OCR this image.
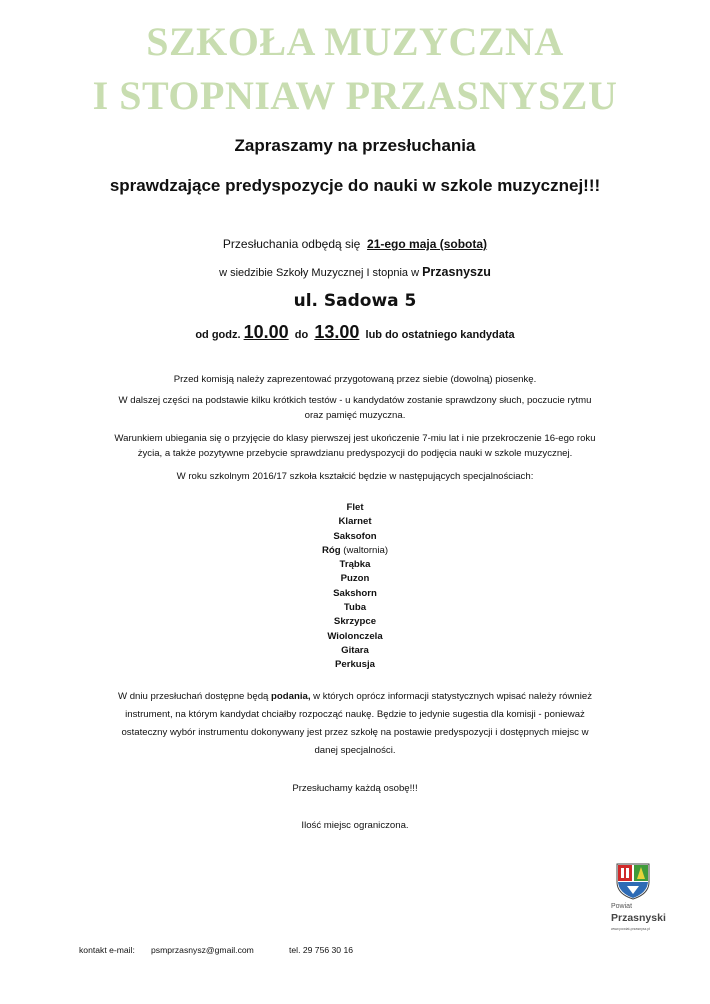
SZKOŁA MUZYCZNA
I STOPNIAW PRZASNYSZU
Zapraszamy na przesłuchania
sprawdzające predyspozycje do nauki w szkole muzycznej!!!
Przesłuchania odbędą się 21-ego maja (sobota)
w siedzibie Szkoły Muzycznej I stopnia w Przasnyszu
ul. Sadowa 5
od godz. 10.00 do 13.00 lub do ostatniego kandydata
Przed komisją należy zaprezentować przygotowaną przez siebie (dowolną) piosenkę.
W dalszej części na podstawie kilku krótkich testów - u kandydatów zostanie sprawdzony słuch, poczucie rytmu
oraz pamięć muzyczna.
Warunkiem ubiegania się o przyjęcie do klasy pierwszej jest ukończenie 7-miu lat i nie przekroczenie 16-ego roku
życia, a także pozytywne przebycie sprawdzianu predyspozycji do podjęcia nauki w szkole muzycznej.
W roku szkolnym 2016/17 szkoła kształcić będzie w następujących specjalnościach:
Flet
Klarnet
Saksofon
Róg (waltornia)
Trąbka
Puzon
Sakshorn
Tuba
Skrzypce
Wiolonczela
Gitara
Perkusja
W dniu przesłuchań dostępne będą podania, w których oprócz informacji statystycznych wpisać należy również
instrument, na którym kandydat chciałby rozpocząć naukę. Będzie to jedynie sugestia dla komisji - ponieważ
ostateczny wybór instrumentu dokonywany jest przez szkołę na postawie predyspozycji i dostępnych miejsc w
danej specjalności.
Przesłuchamy każdą osobę!!!
Ilość miejsc ograniczona.
Powiat
Przasnyski
www.powiat-przasnysz.pl
kontakt e-mail: psmprzasnysz@gmail.com	tel. 29 756 30 16
